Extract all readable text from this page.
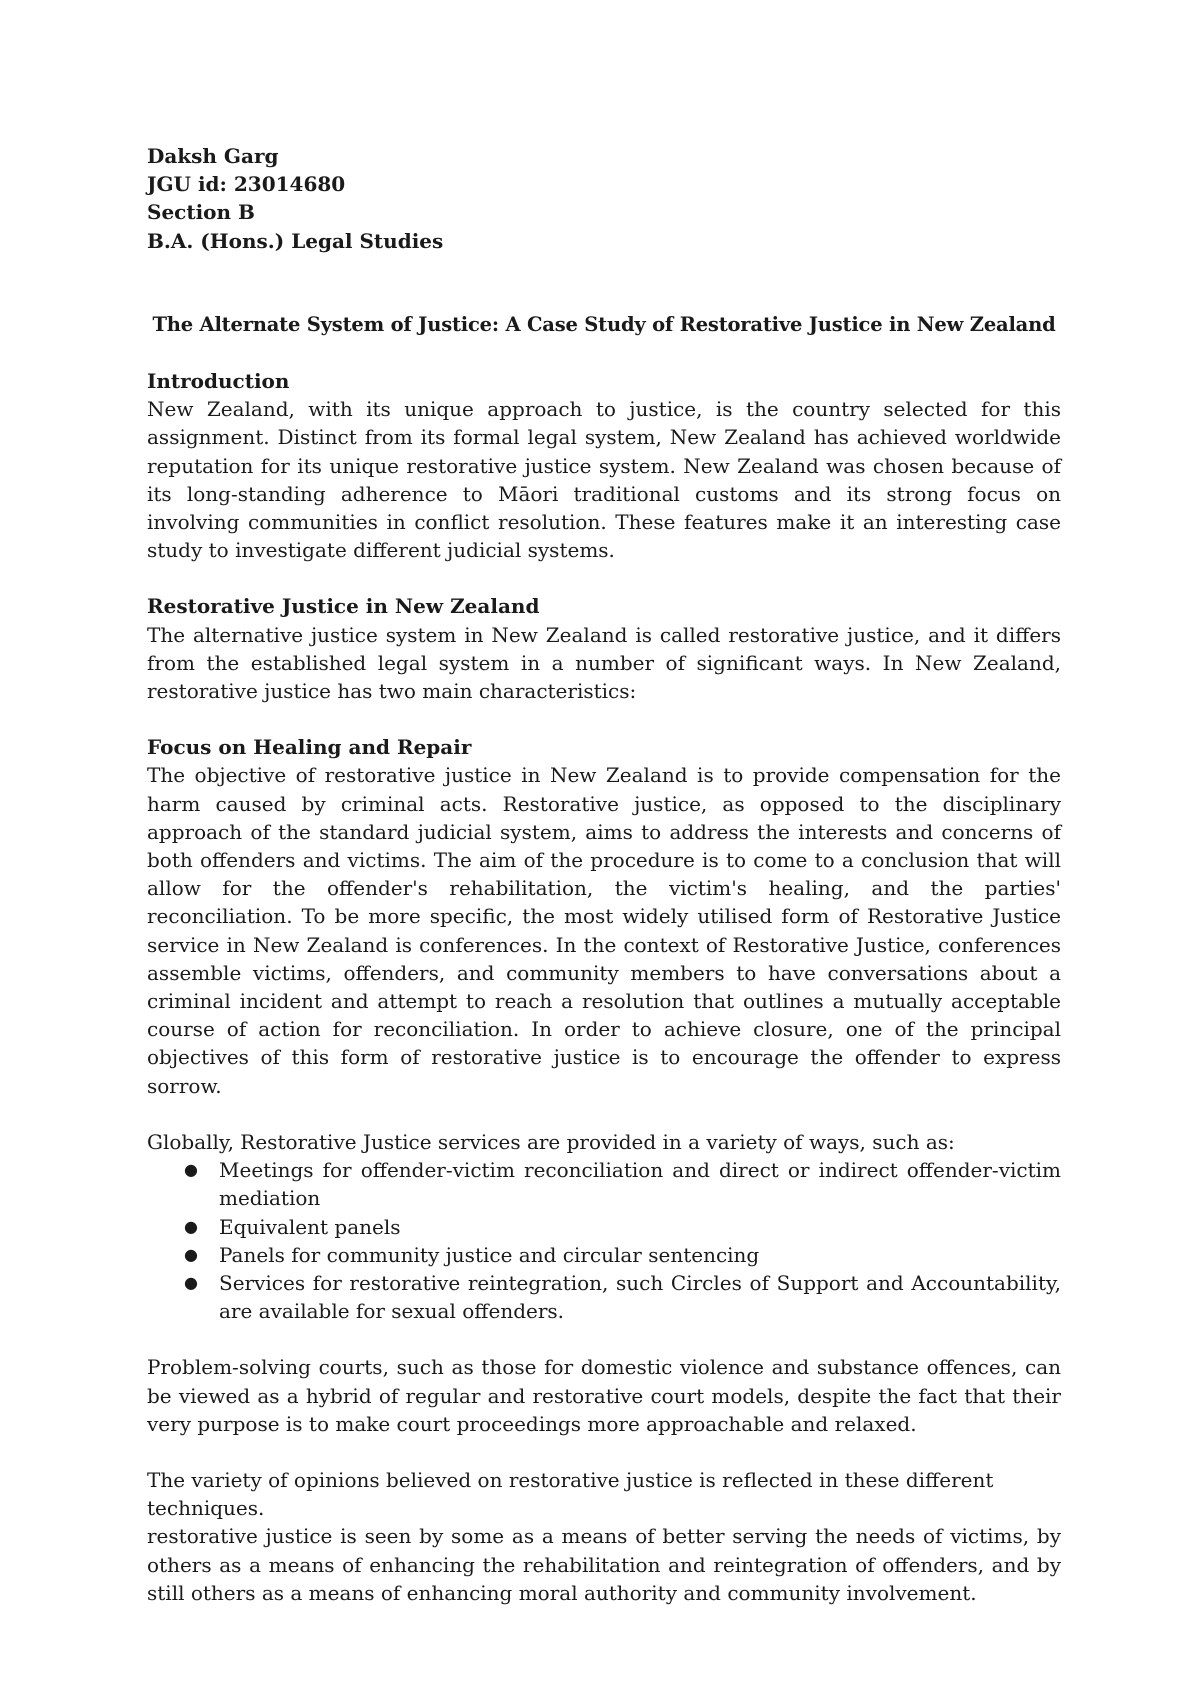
Daksh Garg
JGU id: 23014680
Section B
B.A. (Hons.) Legal Studies
The Alternate System of Justice: A Case Study of Restorative Justice in New Zealand
Introduction

New Zealand, with its unique approach to justice, is the country selected for this assignment. Distinct from its formal legal system, New Zealand has achieved worldwide reputation for its unique restorative justice system. New Zealand was chosen because of its long-standing adherence to Māori traditional customs and its strong focus on involving communities in conflict resolution. These features make it an interesting case study to investigate different judicial systems.

Restorative Justice in New Zealand

The alternative justice system in New Zealand is called restorative justice, and it differs from the established legal system in a number of significant ways. In New Zealand, restorative justice has two main characteristics:

Focus on Healing and Repair

The objective of restorative justice in New Zealand is to provide compensation for the harm caused by criminal acts. Restorative justice, as opposed to the disciplinary approach of the standard judicial system, aims to address the interests and concerns of both offenders and victims. The aim of the procedure is to come to a conclusion that will allow for the offender's rehabilitation, the victim's healing, and the parties' reconciliation. To be more specific, the most widely utilised form of Restorative Justice service in New Zealand is conferences. In the context of Restorative Justice, conferences assemble victims, offenders, and community members to have conversations about a criminal incident and attempt to reach a resolution that outlines a mutually acceptable course of action for reconciliation. In order to achieve closure, one of the principal objectives of this form of restorative justice is to encourage the offender to express sorrow.

Globally, Restorative Justice services are provided in a variety of ways, such as:

● Meetings for offender-victim reconciliation and direct or indirect offender-victim mediation
● Equivalent panels
● Panels for community justice and circular sentencing
● Services for restorative reintegration, such Circles of Support and Accountability, are available for sexual offenders.

Problem-solving courts, such as those for domestic violence and substance offences, can be viewed as a hybrid of regular and restorative court models, despite the fact that their very purpose is to make court proceedings more approachable and relaxed.

The variety of opinions believed on restorative justice is reflected in these different techniques.

restorative justice is seen by some as a means of better serving the needs of victims, by others as a means of enhancing the rehabilitation and reintegration of offenders, and by still others as a means of enhancing moral authority and community involvement.
